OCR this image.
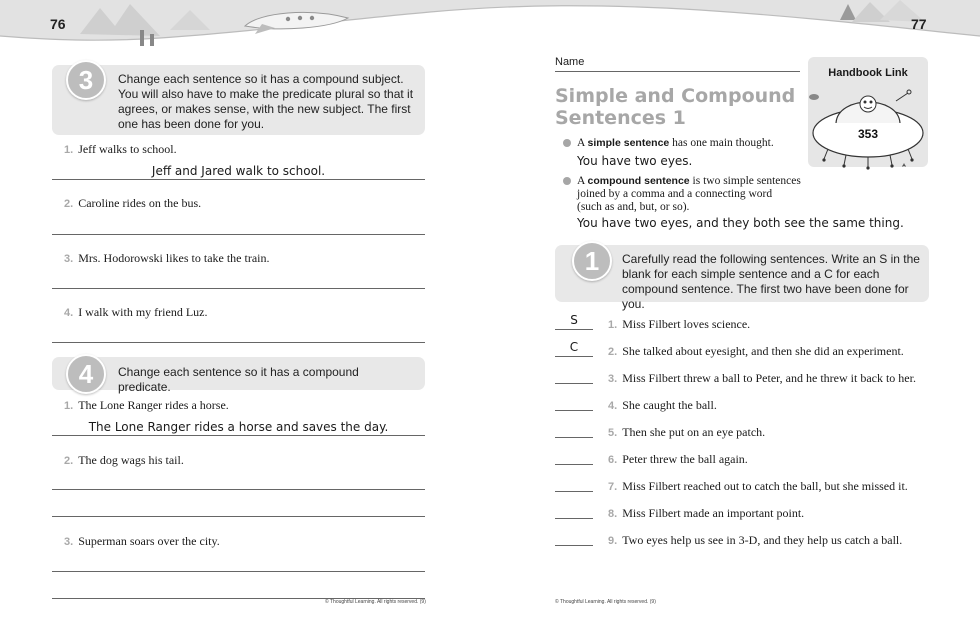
76
Change each sentence so it has a compound subject. You will also have to make the predicate plural so that it agrees, or makes sense, with the new subject. The first one has been done for you.
3
1. Jeff walks to school.
Jeff and Jared walk to school.
2. Caroline rides on the bus.
3. Mrs. Hodorowski likes to take the train.
4. I walk with my friend Luz.
Change each sentence so it has a compound predicate.
4
1. The Lone Ranger rides a horse.
The Lone Ranger rides a horse and saves the day.
2. The dog wags his tail.
3. Superman soars over the city.
© Thoughtful Learning. All rights reserved. (9)
77
Name
Simple and Compound
Sentences 1
Handbook Link
353
A simple sentence has one main thought.
You have two eyes.
A compound sentence is two simple sentences
joined by a comma and a connecting word
(such as and, but, or so).
You have two eyes, and they both see the same thing.
Carefully read the following sentences. Write an S in the blank for each simple sentence and a C for each compound sentence. The first two have been done for you.
1
S	1. Miss Filbert loves science.
C	2. She talked about eyesight, and then she did an experiment.
3. Miss Filbert threw a ball to Peter, and he threw it back to her.
4. She caught the ball.
5. Then she put on an eye patch.
6. Peter threw the ball again.
7. Miss Filbert reached out to catch the ball, but she missed it.
8. Miss Filbert made an important point.
9. Two eyes help us see in 3-D, and they help us catch a ball.
© Thoughtful Learning. All rights reserved. (9)
